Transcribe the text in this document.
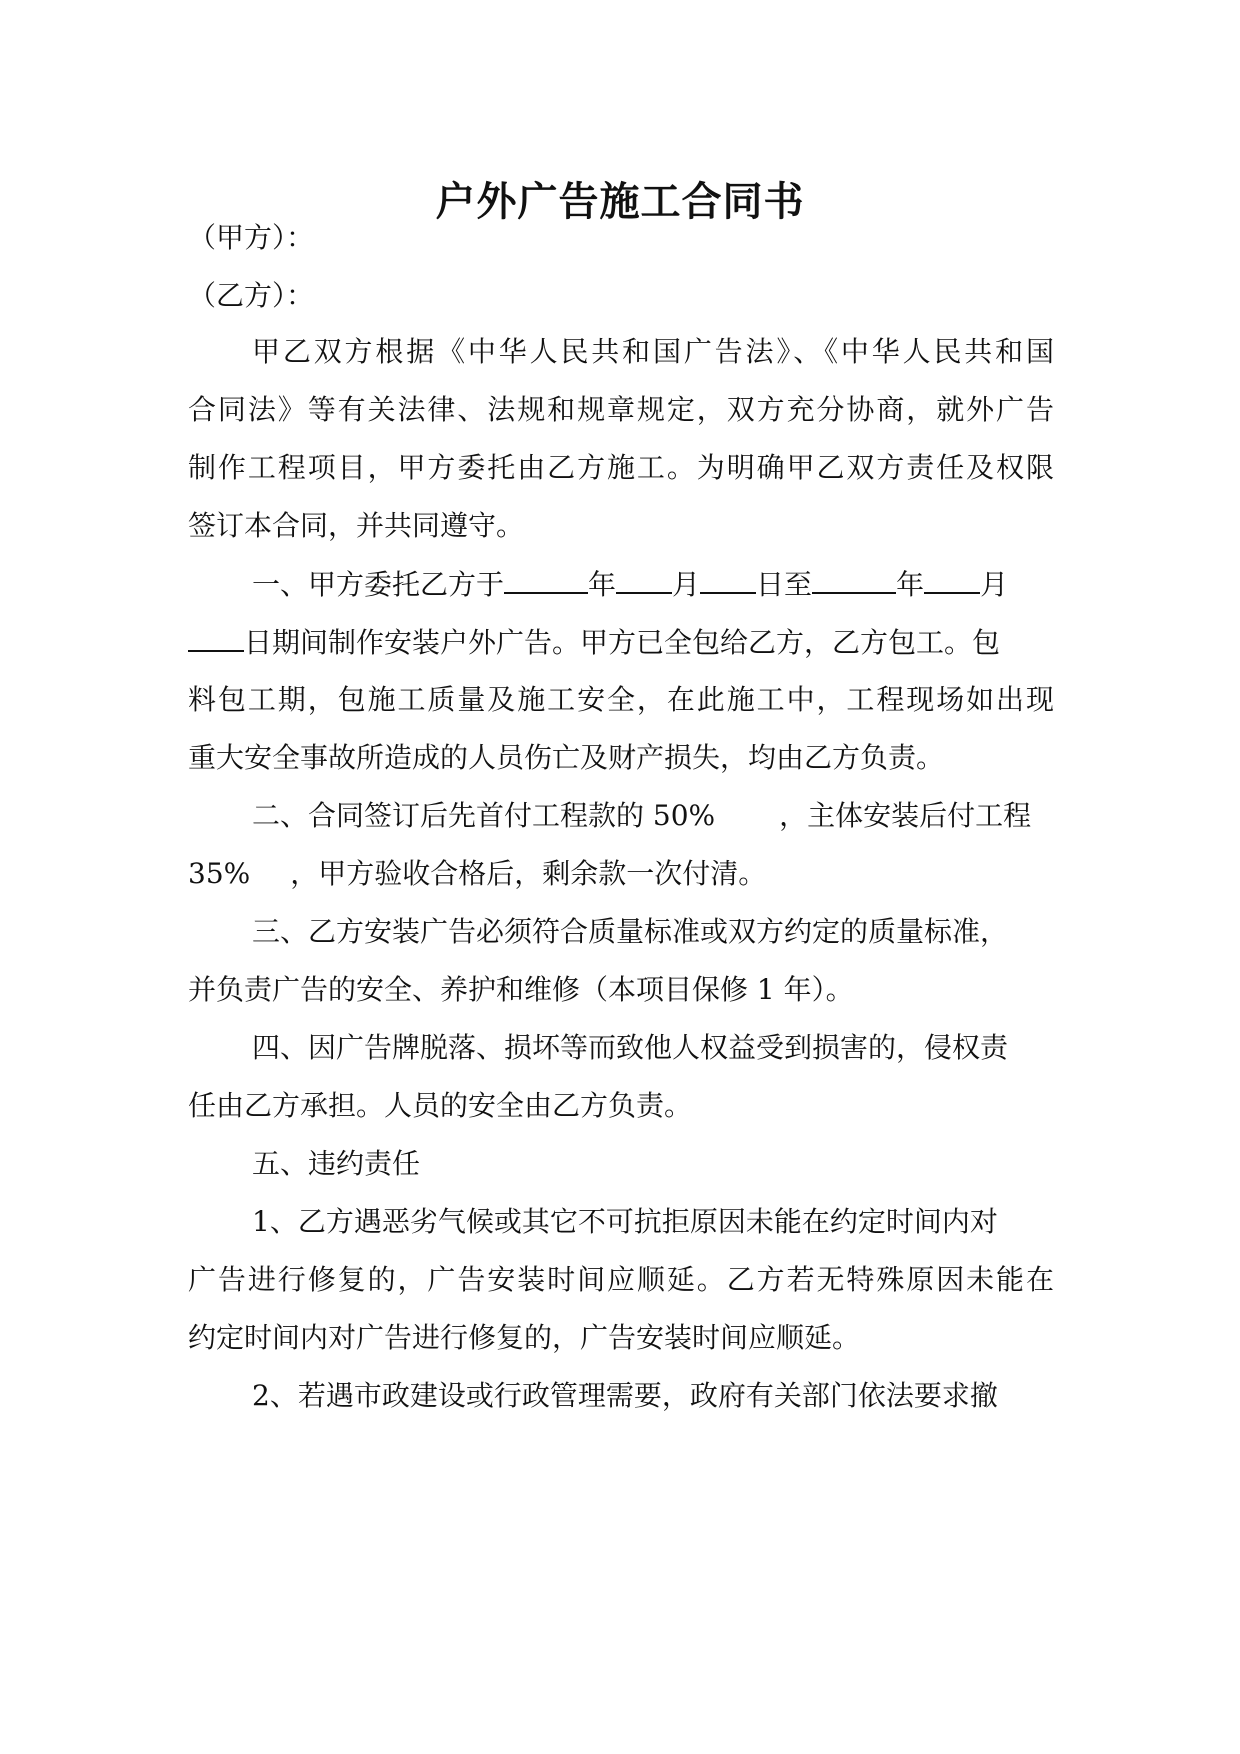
户外广告施工合同书
（甲方）：
（乙方）：
甲乙双方根据《中华人民共和国广告法》、《中华人民共和国
合同法》等有关法律、法规和规章规定，双方充分协商，就外广告
制作工程项目，甲方委托由乙方施工。为明确甲乙双方责任及权限
签订本合同，并共同遵守。
一、甲方委托乙方于	年 月 日至	年 月
日期间制作安装户外广告。甲方已全包给乙方，乙方包工。包
料包工期，包施工质量及施工安全，在此施工中，工程现场如出现
重大安全事故所造成的人员伤亡及财产损失，均由乙方负责。
二、合同签订后先首付工程款的 50% ，主体安装后付工程
35% ，甲方验收合格后，剩余款一次付清。
三、乙方安装广告必须符合质量标准或双方约定的质量标准，
并负责广告的安全、养护和维修（本项目保修 1 年）。
四、因广告牌脱落、损坏等而致他人权益受到损害的，侵权责
任由乙方承担。人员的安全由乙方负责。
五、违约责任
1、乙方遇恶劣气候或其它不可抗拒原因未能在约定时间内对
广告进行修复的，广告安装时间应顺延。乙方若无特殊原因未能在
约定时间内对广告进行修复的，广告安装时间应顺延。
2、若遇市政建设或行政管理需要，政府有关部门依法要求撤
